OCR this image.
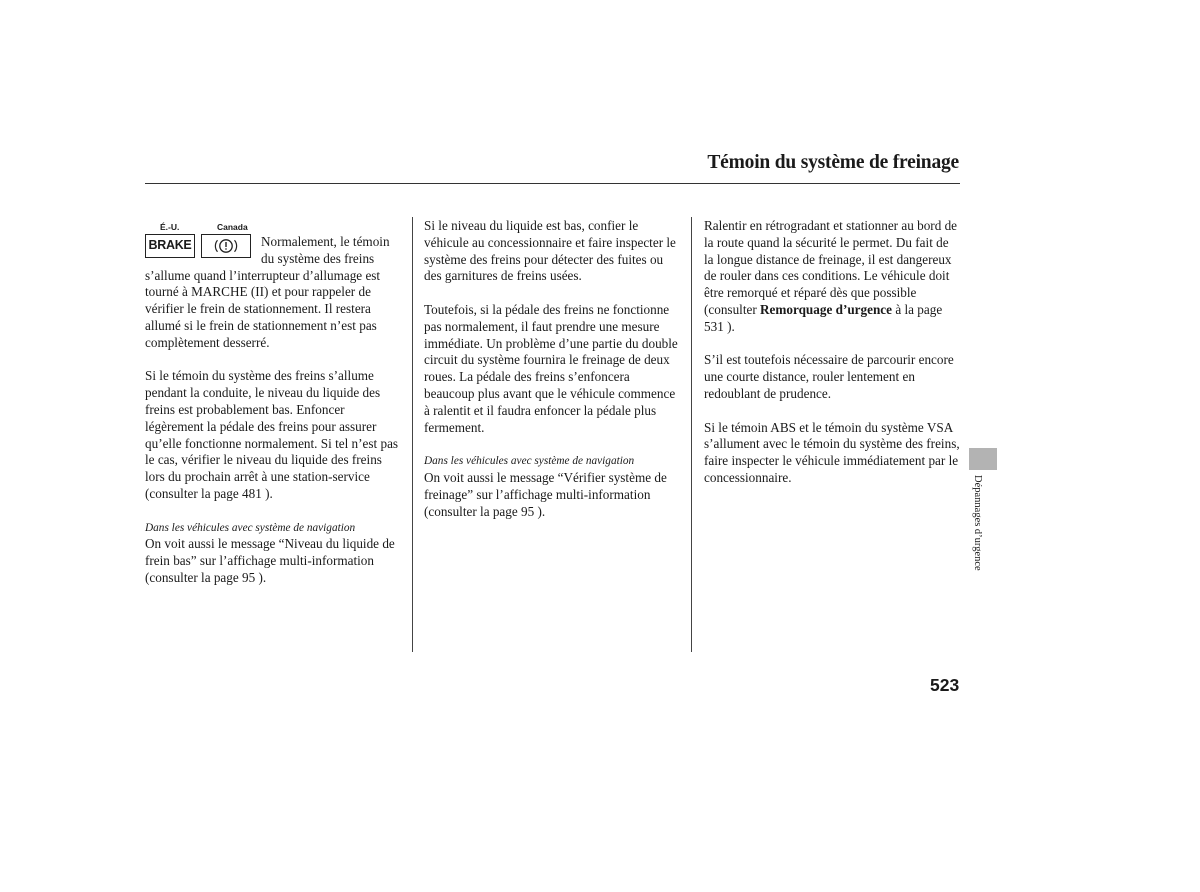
Témoin du système de freinage
É.-U.	Canada
BRAKE	Normalement, le témoin du système des freins s’allume quand l’interrupteur d’allumage est tourné à MARCHE (II) et pour rappeler de vérifier le frein de stationnement. Il restera allumé si le frein de stationnement n’est pas complètement desserré.

Si le témoin du système des freins s’allume pendant la conduite, le niveau du liquide des freins est probablement bas. Enfoncer légèrement la pédale des freins pour assurer qu’elle fonctionne normalement. Si tel n’est pas le cas, vérifier le niveau du liquide des freins lors du prochain arrêt à une station-service (consulter la page 481 ).

Dans les véhicules avec système de navigation

On voit aussi le message “Niveau du liquide de frein bas” sur l’affichage multi-information (consulter la page 95 ).

Si le niveau du liquide est bas, confier le véhicule au concessionnaire et faire inspecter le système des freins pour détecter des fuites ou des garnitures de freins usées.

Toutefois, si la pédale des freins ne fonctionne pas normalement, il faut prendre une mesure immédiate. Un problème d’une partie du double circuit du système fournira le freinage de deux roues. La pédale des freins s’enfoncera beaucoup plus avant que le véhicule commence à ralentit et il faudra enfoncer la pédale plus fermement.

Dans les véhicules avec système de navigation

On voit aussi le message “Vérifier système de freinage” sur l’affichage multi-information (consulter la page 95 ).

Ralentir en rétrogradant et stationner au bord de la route quand la sécurité le permet. Du fait de la longue distance de freinage, il est dangereux de rouler dans ces conditions. Le véhicule doit être remorqué et réparé dès que possible (consulter Remorquage d’urgence à la page 531 ).

S’il est toutefois nécessaire de parcourir encore une courte distance, rouler lentement en redoublant de prudence.

Si le témoin ABS et le témoin du système VSA s’allument avec le témoin du système des freins, faire inspecter le véhicule immédiatement par le concessionnaire.	Dépannages d’urgence
523
